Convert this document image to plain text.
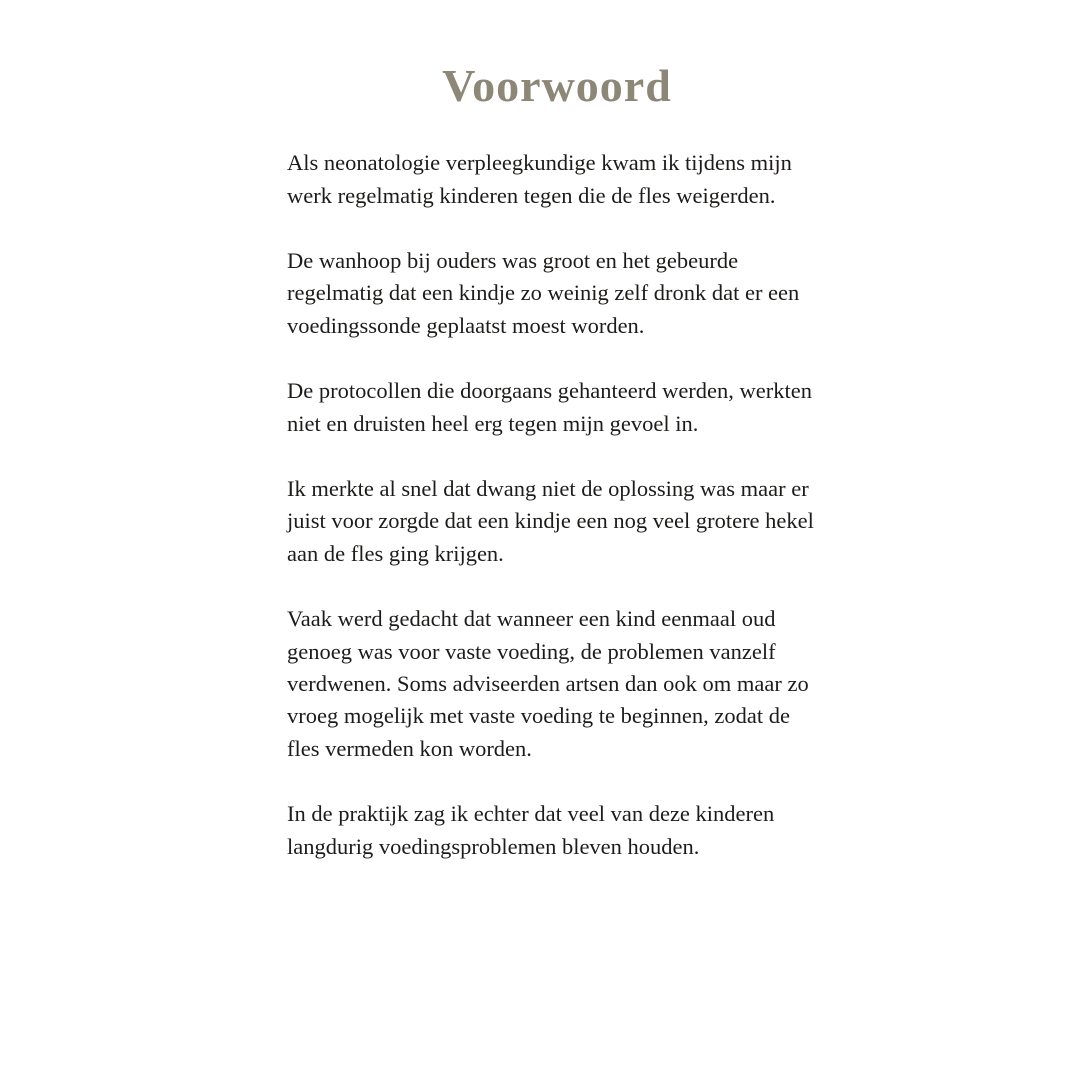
Voorwoord

Als neonatologie verpleegkundige kwam ik tijdens mijn werk regelmatig kinderen tegen die de fles weigerden.

De wanhoop bij ouders was groot en het gebeurde regelmatig dat een kindje zo weinig zelf dronk dat er een voedingssonde geplaatst moest worden.

De protocollen die doorgaans gehanteerd werden, werkten niet en druisten heel erg tegen mijn gevoel in.

Ik merkte al snel dat dwang niet de oplossing was maar er juist voor zorgde dat een kindje een nog veel grotere hekel aan de fles ging krijgen.

Vaak werd gedacht dat wanneer een kind eenmaal oud genoeg was voor vaste voeding, de problemen vanzelf verdwenen. Soms adviseerden artsen dan ook om maar zo vroeg mogelijk met vaste voeding te beginnen, zodat de fles vermeden kon worden.

In de praktijk zag ik echter dat veel van deze kinderen langdurig voedingsproblemen bleven houden.
